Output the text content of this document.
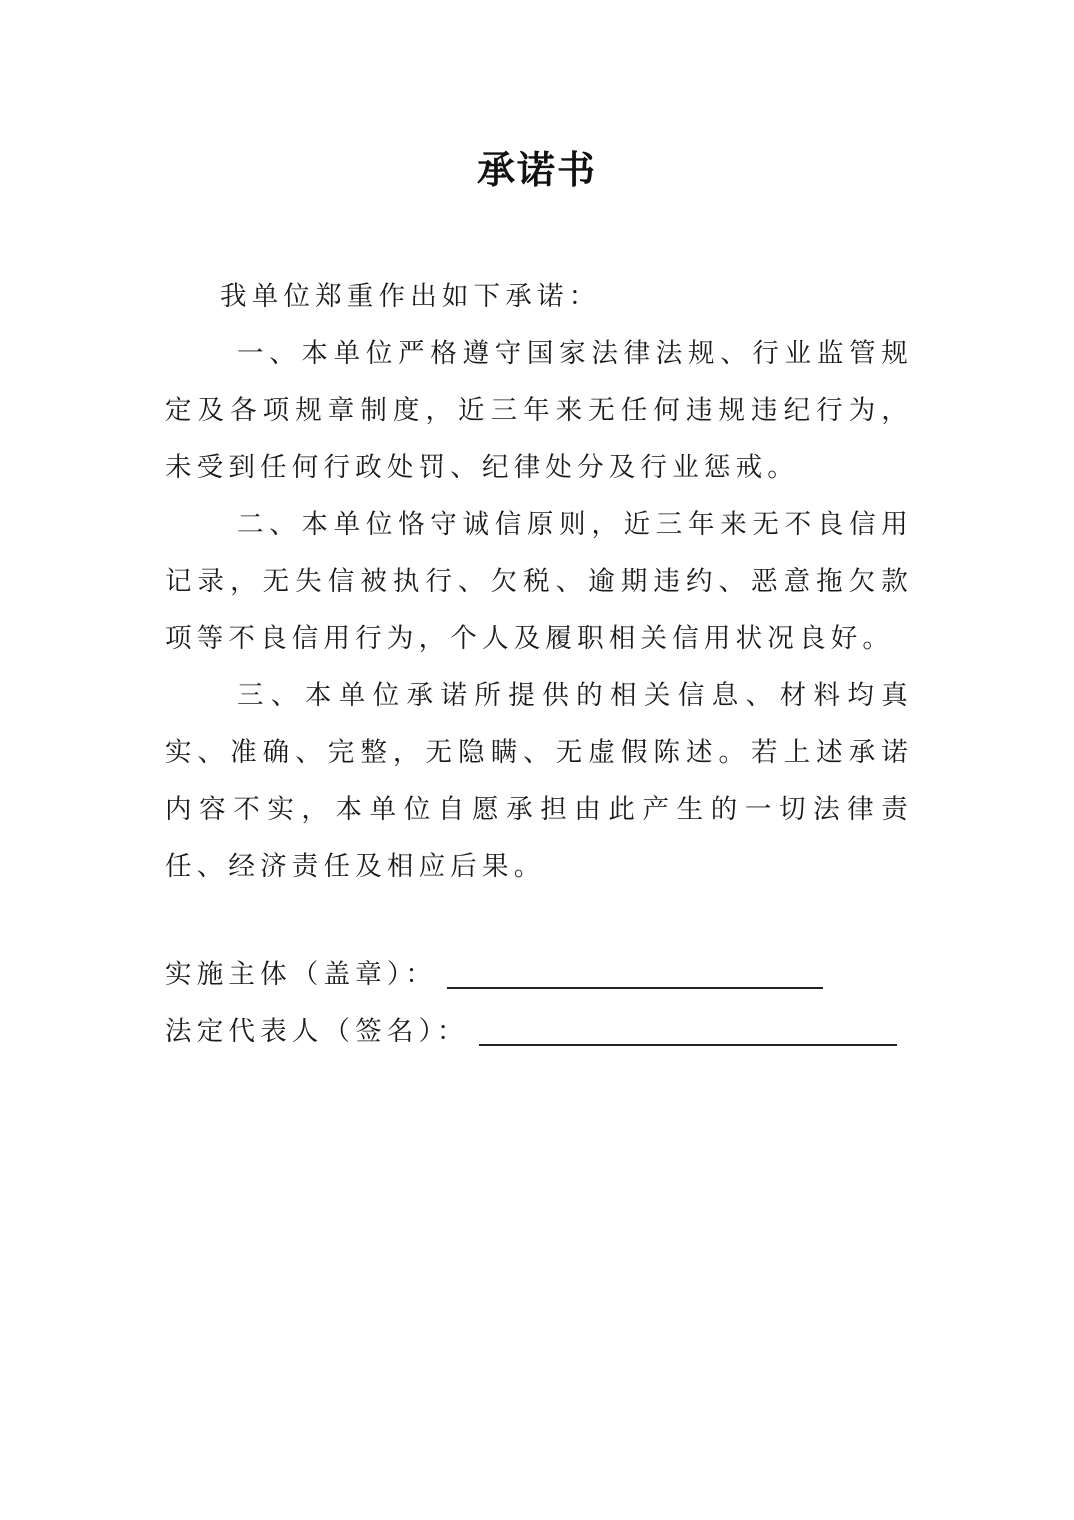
承诺书

我单位郑重作出如下承诺：

一、本单位严格遵守国家法律法规、行业监管规定及各项规章制度，近三年来无任何违规违纪行为，未受到任何行政处罚、纪律处分及行业惩戒。

二、本单位恪守诚信原则，近三年来无不良信用记录，无失信被执行、欠税、逾期违约、恶意拖欠款项等不良信用行为，个人及履职相关信用状况良好。

三、本单位承诺所提供的相关信息、材料均真实、准确、完整，无隐瞒、无虚假陈述。若上述承诺内容不实，本单位自愿承担由此产生的一切法律责任、经济责任及相应后果。

实施主体（盖章）：
法定代表人（签名）：
